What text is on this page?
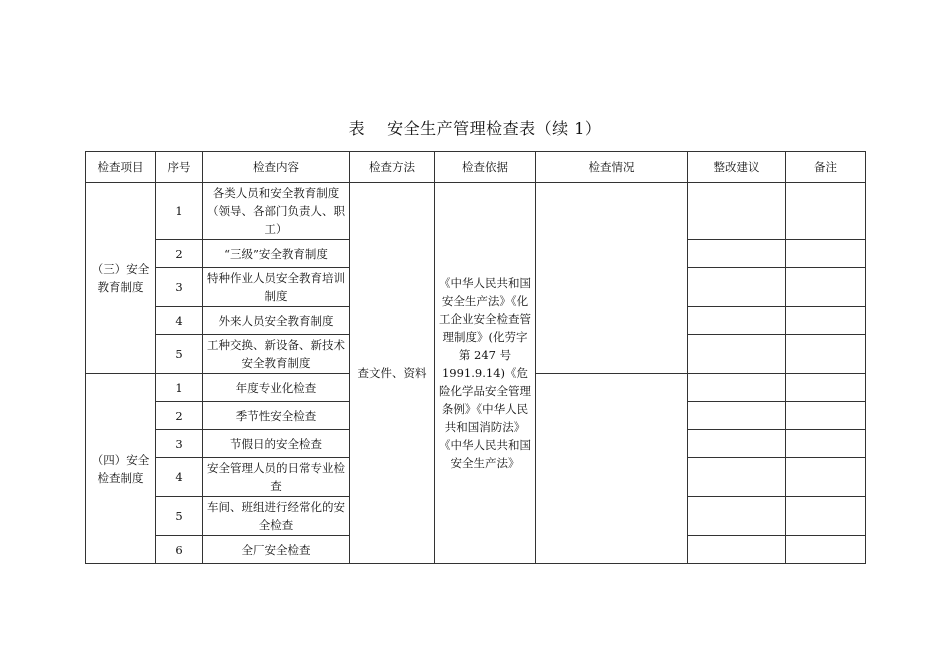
表 安全生产管理检查表（续 1）
检查项目	序号	检查内容	检查方法	检查依据	检查情况	整改建议	备注
（三）安全教育制度	1	各类人员和安全教育制度（领导、各部门负责人、职工）	查文件、资料	《中华人民共和国安全生产法》《化工企业安全检查管理制度》(化劳字第 247 号1991.9.14)《危险化学品安全管理条例》《中华人民共和国消防法》《中华人民共和国安全生产法》			
	2	“三级”安全教育制度					
	3	特种作业人员安全教育培训制度					
	4	外来人员安全教育制度					
	5	工种交换、新设备、新技术安全教育制度					
（四）安全检查制度	1	年度专业化检查					
	2	季节性安全检查					
	3	节假日的安全检查					
	4	安全管理人员的日常专业检查					
	5	车间、班组进行经常化的安全检查					
	6	全厂安全检查					
